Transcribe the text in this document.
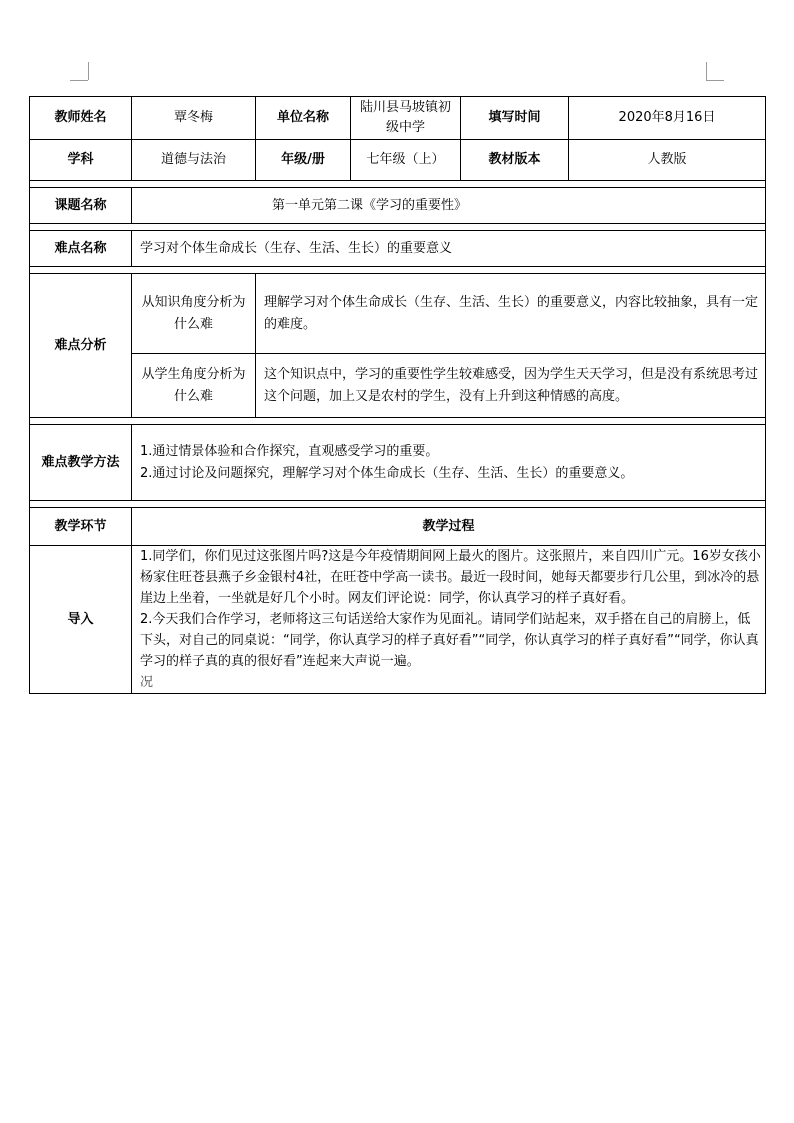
教师姓名	覃冬梅	单位名称	陆川县马坡镇初级中学	填写时间	2020年8月16日
学科	道德与法治	年级/册	七年级（上）	教材版本	人教版

课题名称	第一单元第二课《学习的重要性》				

难点名称	学习对个体生命成长（生存、生活、生长）的重要意义				

难点分析	从知识角度分析为什么难	理解学习对个体生命成长（生存、生活、生长）的重要意义，内容比较抽象，具有一定的难度。			
	从学生角度分析为什么难	这个知识点中，学习的重要性学生较难感受，因为学生天天学习，但是没有系统思考过这个问题，加上又是农村的学生，没有上升到这种情感的高度。			

难点教学方法	1.通过情景体验和合作探究，直观感受学习的重要。
2.通过讨论及问题探究，理解学习对个体生命成长（生存、生活、生长）的重要意义。				

教学环节	教学过程				
导入	1.同学们，你们见过这张图片吗?这是今年疫情期间网上最火的图片。这张照片，来自四川广元。16岁女孩小杨家住旺苍县燕子乡金银村4社，在旺苍中学高一读书。最近一段时间，她每天都要步行几公里，到冰冷的悬崖边上坐着，一坐就是好几个小时。网友们评论说：同学，你认真学习的样子真好看。
2.今天我们合作学习，老师将这三句话送给大家作为见面礼。请同学们站起来，双手搭在自己的肩膀上，低下头，对自己的同桌说：“同学，你认真学习的样子真好看”“同学，你认真学习的样子真好看”“同学，你认真学习的样子真的真的很好看”连起来大声说一遍。
况				
